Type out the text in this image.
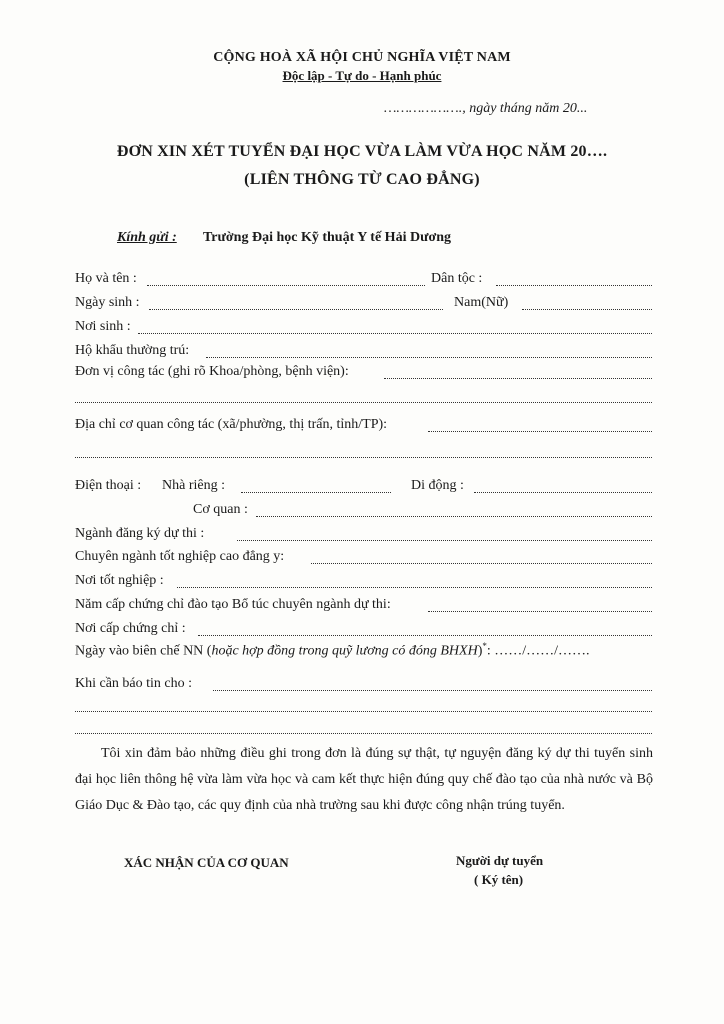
CỘNG HOÀ XÃ HỘI CHỦ NGHĨA VIỆT NAM
Độc lập - Tự do - Hạnh phúc
………………., ngày tháng năm 20...
ĐƠN XIN XÉT TUYỂN ĐẠI HỌC VỪA LÀM VỪA HỌC NĂM 20….
(LIÊN THÔNG TỪ CAO ĐẲNG)
Kính gửi : Trường Đại học Kỹ thuật Y tế Hải Dương
Họ và tên :	Dân tộc :
Ngày sinh :	Nam(Nữ)
Nơi sinh :
Hộ khẩu thường trú:
Đơn vị công tác (ghi rõ Khoa/phòng, bệnh viện):
Địa chỉ cơ quan công tác (xã/phường, thị trấn, tỉnh/TP):
Điện thoại : Nhà riêng :	Di động :
Cơ quan :
Ngành đăng ký dự thi :
Chuyên ngành tốt nghiệp cao đẳng y:
Nơi tốt nghiệp :
Năm cấp chứng chỉ đào tạo Bổ túc chuyên ngành dự thi:
Nơi cấp chứng chỉ :
Ngày vào biên chế NN (hoặc hợp đồng trong quỹ lương có đóng BHXH)*: ……/……/…….
Khi cần báo tin cho :
Tôi xin đảm bảo những điều ghi trong đơn là đúng sự thật, tự nguyện đăng ký dự thi tuyển sinh đại học liên thông hệ vừa làm vừa học và cam kết thực hiện đúng quy chế đào tạo của nhà nước và Bộ Giáo Dục & Đào tạo, các quy định của nhà trường sau khi được công nhận trúng tuyển.
XÁC NHẬN CỦA CƠ QUAN	Người dự tuyển
( Ký tên)
